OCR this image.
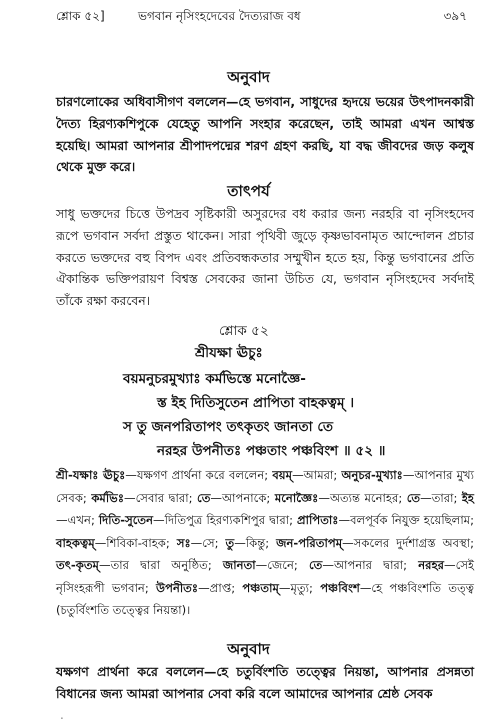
শ্লোক ৫২]	ভগবান নৃসিংহদেবের দৈত্যরাজ বধ	৩৯৭
অনুবাদ
চারণলোকের অধিবাসীগণ বললেন—হে ভগবান, সাধুদের হৃদয়ে ভয়ের উৎপাদনকারী দৈত্য হিরণ্যকশিপুকে যেহেতু আপনি সংহার করেছেন, তাই আমরা এখন আশ্বস্ত হয়েছি। আমরা আপনার শ্রীপাদপদ্মের শরণ গ্রহণ করছি, যা বদ্ধ জীবদের জড় কলুষ থেকে মুক্ত করে।
তাৎপর্য
সাধু ভক্তদের চিত্তে উপদ্রব সৃষ্টিকারী অসুরদের বধ করার জন্য নরহরি বা নৃসিংহদেব রূপে ভগবান সর্বদা প্রস্তুত থাকেন। সারা পৃথিবী জুড়ে কৃষ্ণভাবনামৃত আন্দোলন প্রচার করতে ভক্তদের বহু বিপদ এবং প্রতিবন্ধকতার সম্মুখীন হতে হয়, কিন্তু ভগবানের প্রতি ঐকান্তিক ভক্তিপরায়ণ বিশ্বস্ত সেবকের জানা উচিত যে, ভগবান নৃসিংহদেব সর্বদাই তাঁকে রক্ষা করবেন।
শ্লোক ৫২
শ্রীযক্ষা ঊচুঃ
বয়মনুচরমুখ্যাঃ কর্মভিস্তে মনোজ্ঞৈ-
স্ত ইহ দিতিসুতেন প্রাপিতা বাহকত্বম্ ।
স তু জনপরিতাপং তৎকৃতং জানতা তে
নরহর উপনীতঃ পঞ্চতাং পঞ্চবিংশ ॥ ৫২ ॥
শ্রী-যক্ষাঃ ঊচুঃ—যক্ষগণ প্রার্থনা করে বললেন; বয়ম্—আমরা; অনুচর-মুখ্যাঃ—আপনার মুখ্য সেবক; কর্মভিঃ—সেবার দ্বারা; তে—আপনাকে; মনোজ্ঞৈঃ—অত্যন্ত মনোহর; তে—তারা; ইহ—এখন; দিতি-সুতেন—দিতিপুত্র হিরণ্যকশিপুর দ্বারা; প্রাপিতাঃ—বলপূর্বক নিযুক্ত হয়েছিলাম; বাহকত্বম্—শিবিকা-বাহক; সঃ—সে; তু—কিন্তু; জন-পরিতাপম্—সকলের দুর্দশাগ্রস্ত অবস্থা; তৎ-কৃতম্—তার দ্বারা অনুষ্ঠিত; জানতা—জেনে; তে—আপনার দ্বারা; নরহর—সেই নৃসিংহরূপী ভগবান; উপনীতঃ—প্রাপ্ত; পঞ্চতাম্—মৃত্যু; পঞ্চবিংশ—হে পঞ্চবিংশতি তত্ত্ব (চতুর্বিংশতি তত্ত্বের নিয়ন্তা)।
অনুবাদ
যক্ষগণ প্রার্থনা করে বললেন—হে চতুর্বিংশতি তত্ত্বের নিয়ন্তা, আপনার প্রসন্নতা বিধানের জন্য আমরা আপনার সেবা করি বলে আমাদের আপনার শ্রেষ্ঠ সেবক
.
